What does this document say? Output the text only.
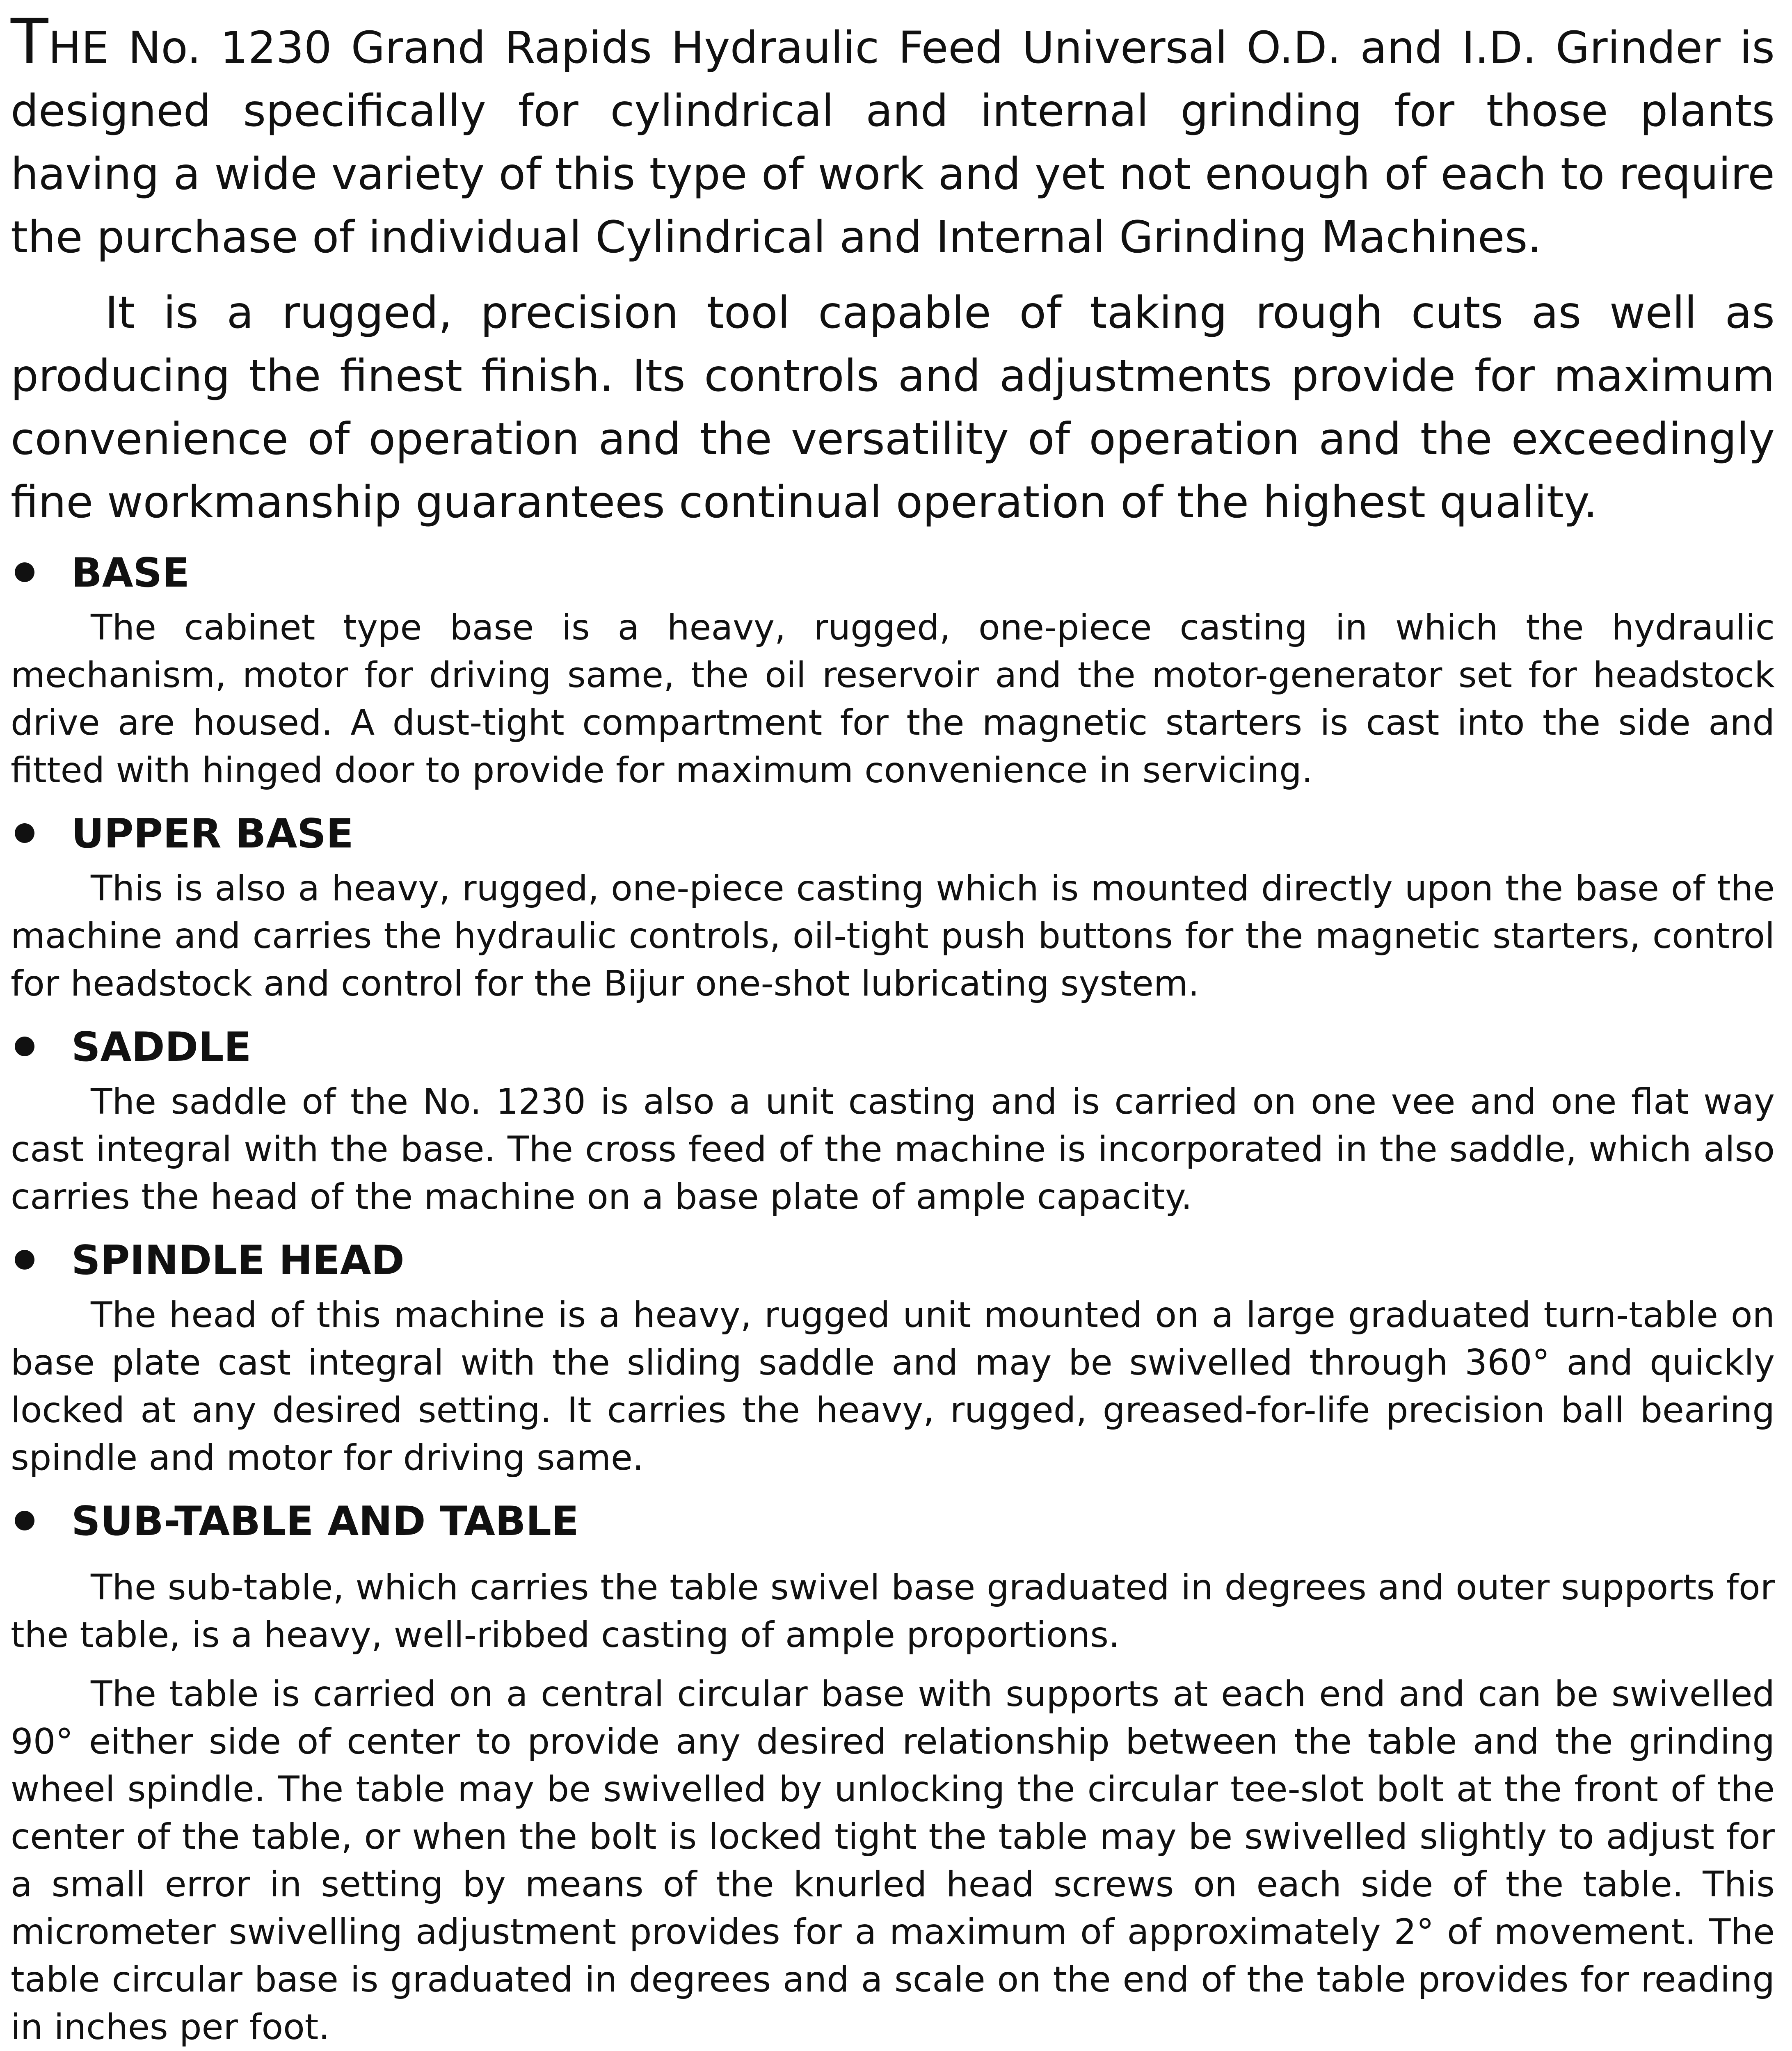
THE No. 1230 Grand Rapids Hydraulic Feed Universal O.D. and I.D. Grinder is designed specifically for cylindrical and internal grinding for those plants having a wide variety of this type of work and yet not enough of each to require the purchase of individual Cylindrical and Internal Grinding Machines.

It is a rugged, precision tool capable of taking rough cuts as well as producing the finest finish. Its controls and adjustments provide for maximum convenience of operation and the versatility of operation and the exceedingly fine workmanship guarantees continual operation of the highest quality.

BASE

The cabinet type base is a heavy, rugged, one-piece casting in which the hydraulic mechanism, motor for driving same, the oil reservoir and the motor-generator set for headstock drive are housed. A dust-tight compartment for the magnetic starters is cast into the side and fitted with hinged door to provide for maximum convenience in servicing.

UPPER BASE

This is also a heavy, rugged, one-piece casting which is mounted directly upon the base of the machine and carries the hydraulic controls, oil-tight push buttons for the magnetic starters, control for headstock and control for the Bijur one-shot lubricating system.

SADDLE

The saddle of the No. 1230 is also a unit casting and is carried on one vee and one flat way cast integral with the base. The cross feed of the machine is incorporated in the saddle, which also carries the head of the machine on a base plate of ample capacity.

SPINDLE HEAD

The head of this machine is a heavy, rugged unit mounted on a large graduated turn-table on base plate cast integral with the sliding saddle and may be swivelled through 360° and quickly locked at any desired setting. It carries the heavy, rugged, greased-for-life precision ball bearing spindle and motor for driving same.

SUB-TABLE AND TABLE

The sub-table, which carries the table swivel base graduated in degrees and outer supports for the table, is a heavy, well-ribbed casting of ample proportions.

The table is carried on a central circular base with supports at each end and can be swivelled 90° either side of center to provide any desired relationship between the table and the grinding wheel spindle. The table may be swivelled by unlocking the circular tee-slot bolt at the front of the center of the table, or when the bolt is locked tight the table may be swivelled slightly to adjust for a small error in setting by means of the knurled head screws on each side of the table. This micrometer swivelling adjustment provides for a maximum of approximately 2° of movement. The table circular base is graduated in degrees and a scale on the end of the table provides for reading in inches per foot.
